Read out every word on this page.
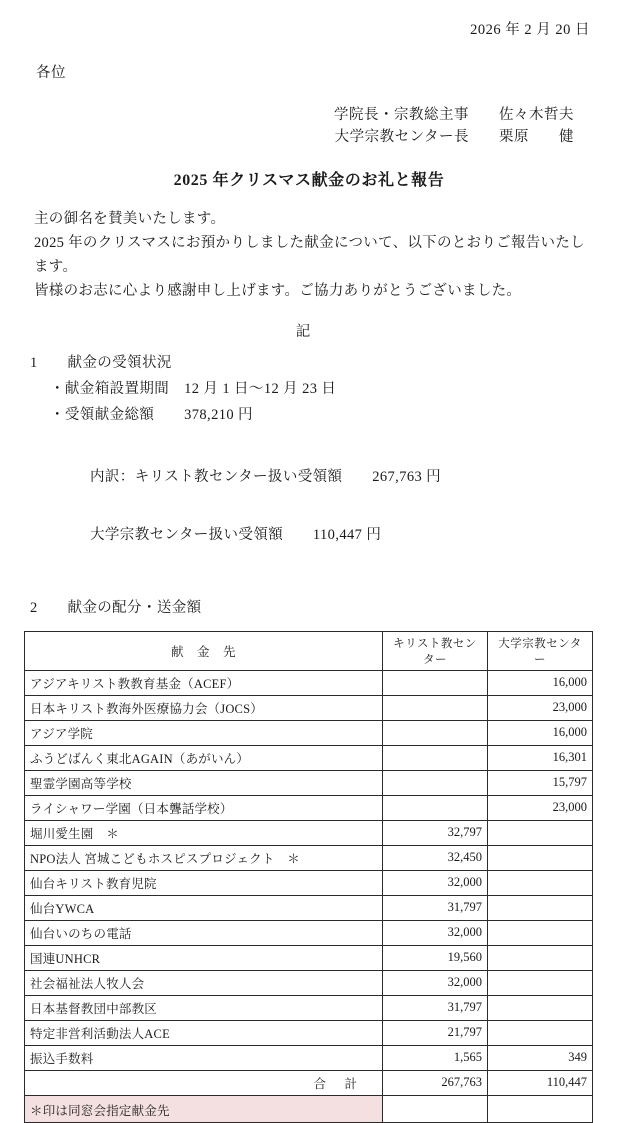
2026 年 2 月 20 日
各位
学院長・宗教総主事　　佐々木哲夫
大学宗教センター長　　栗原　　健
2025 年クリスマス献金のお礼と報告

主の御名を賛美いたします。

2025 年のクリスマスにお預かりしました献金について、以下のとおりご報告いたします。

皆様のお志に心より感謝申し上げます。ご協力ありがとうございました。

記
1　　献金の受領状況
・献金箱設置期間　12 月 1 日〜12 月 23 日
・受領献金総額　　378,210 円

内訳：キリスト教センター扱い受領額　　267,763 円

大学宗教センター扱い受領額　　110,447 円

2　　献金の配分・送金額
献　金　先	キリスト教センター	大学宗教センター
アジアキリスト教教育基金（ACEF）		16,000
日本キリスト教海外医療協力会（JOCS）		23,000
アジア学院		16,000
ふうどばんく東北AGAIN（あがいん）		16,301
聖霊学園高等学校		15,797
ライシャワー学園（日本聾話学校）		23,000
堀川愛生園　＊	32,797	
NPO法人 宮城こどもホスピスプロジェクト　＊	32,450	
仙台キリスト教育児院	32,000	
仙台YWCA	31,797	
仙台いのちの電話	32,000	
国連UNHCR	19,560	
社会福祉法人牧人会	32,000	
日本基督教団中部教区	31,797	
特定非営利活動法人ACE	21,797	
振込手数料	1,565	349
合　計	267,763	110,447
＊印は同窓会指定献金先		
